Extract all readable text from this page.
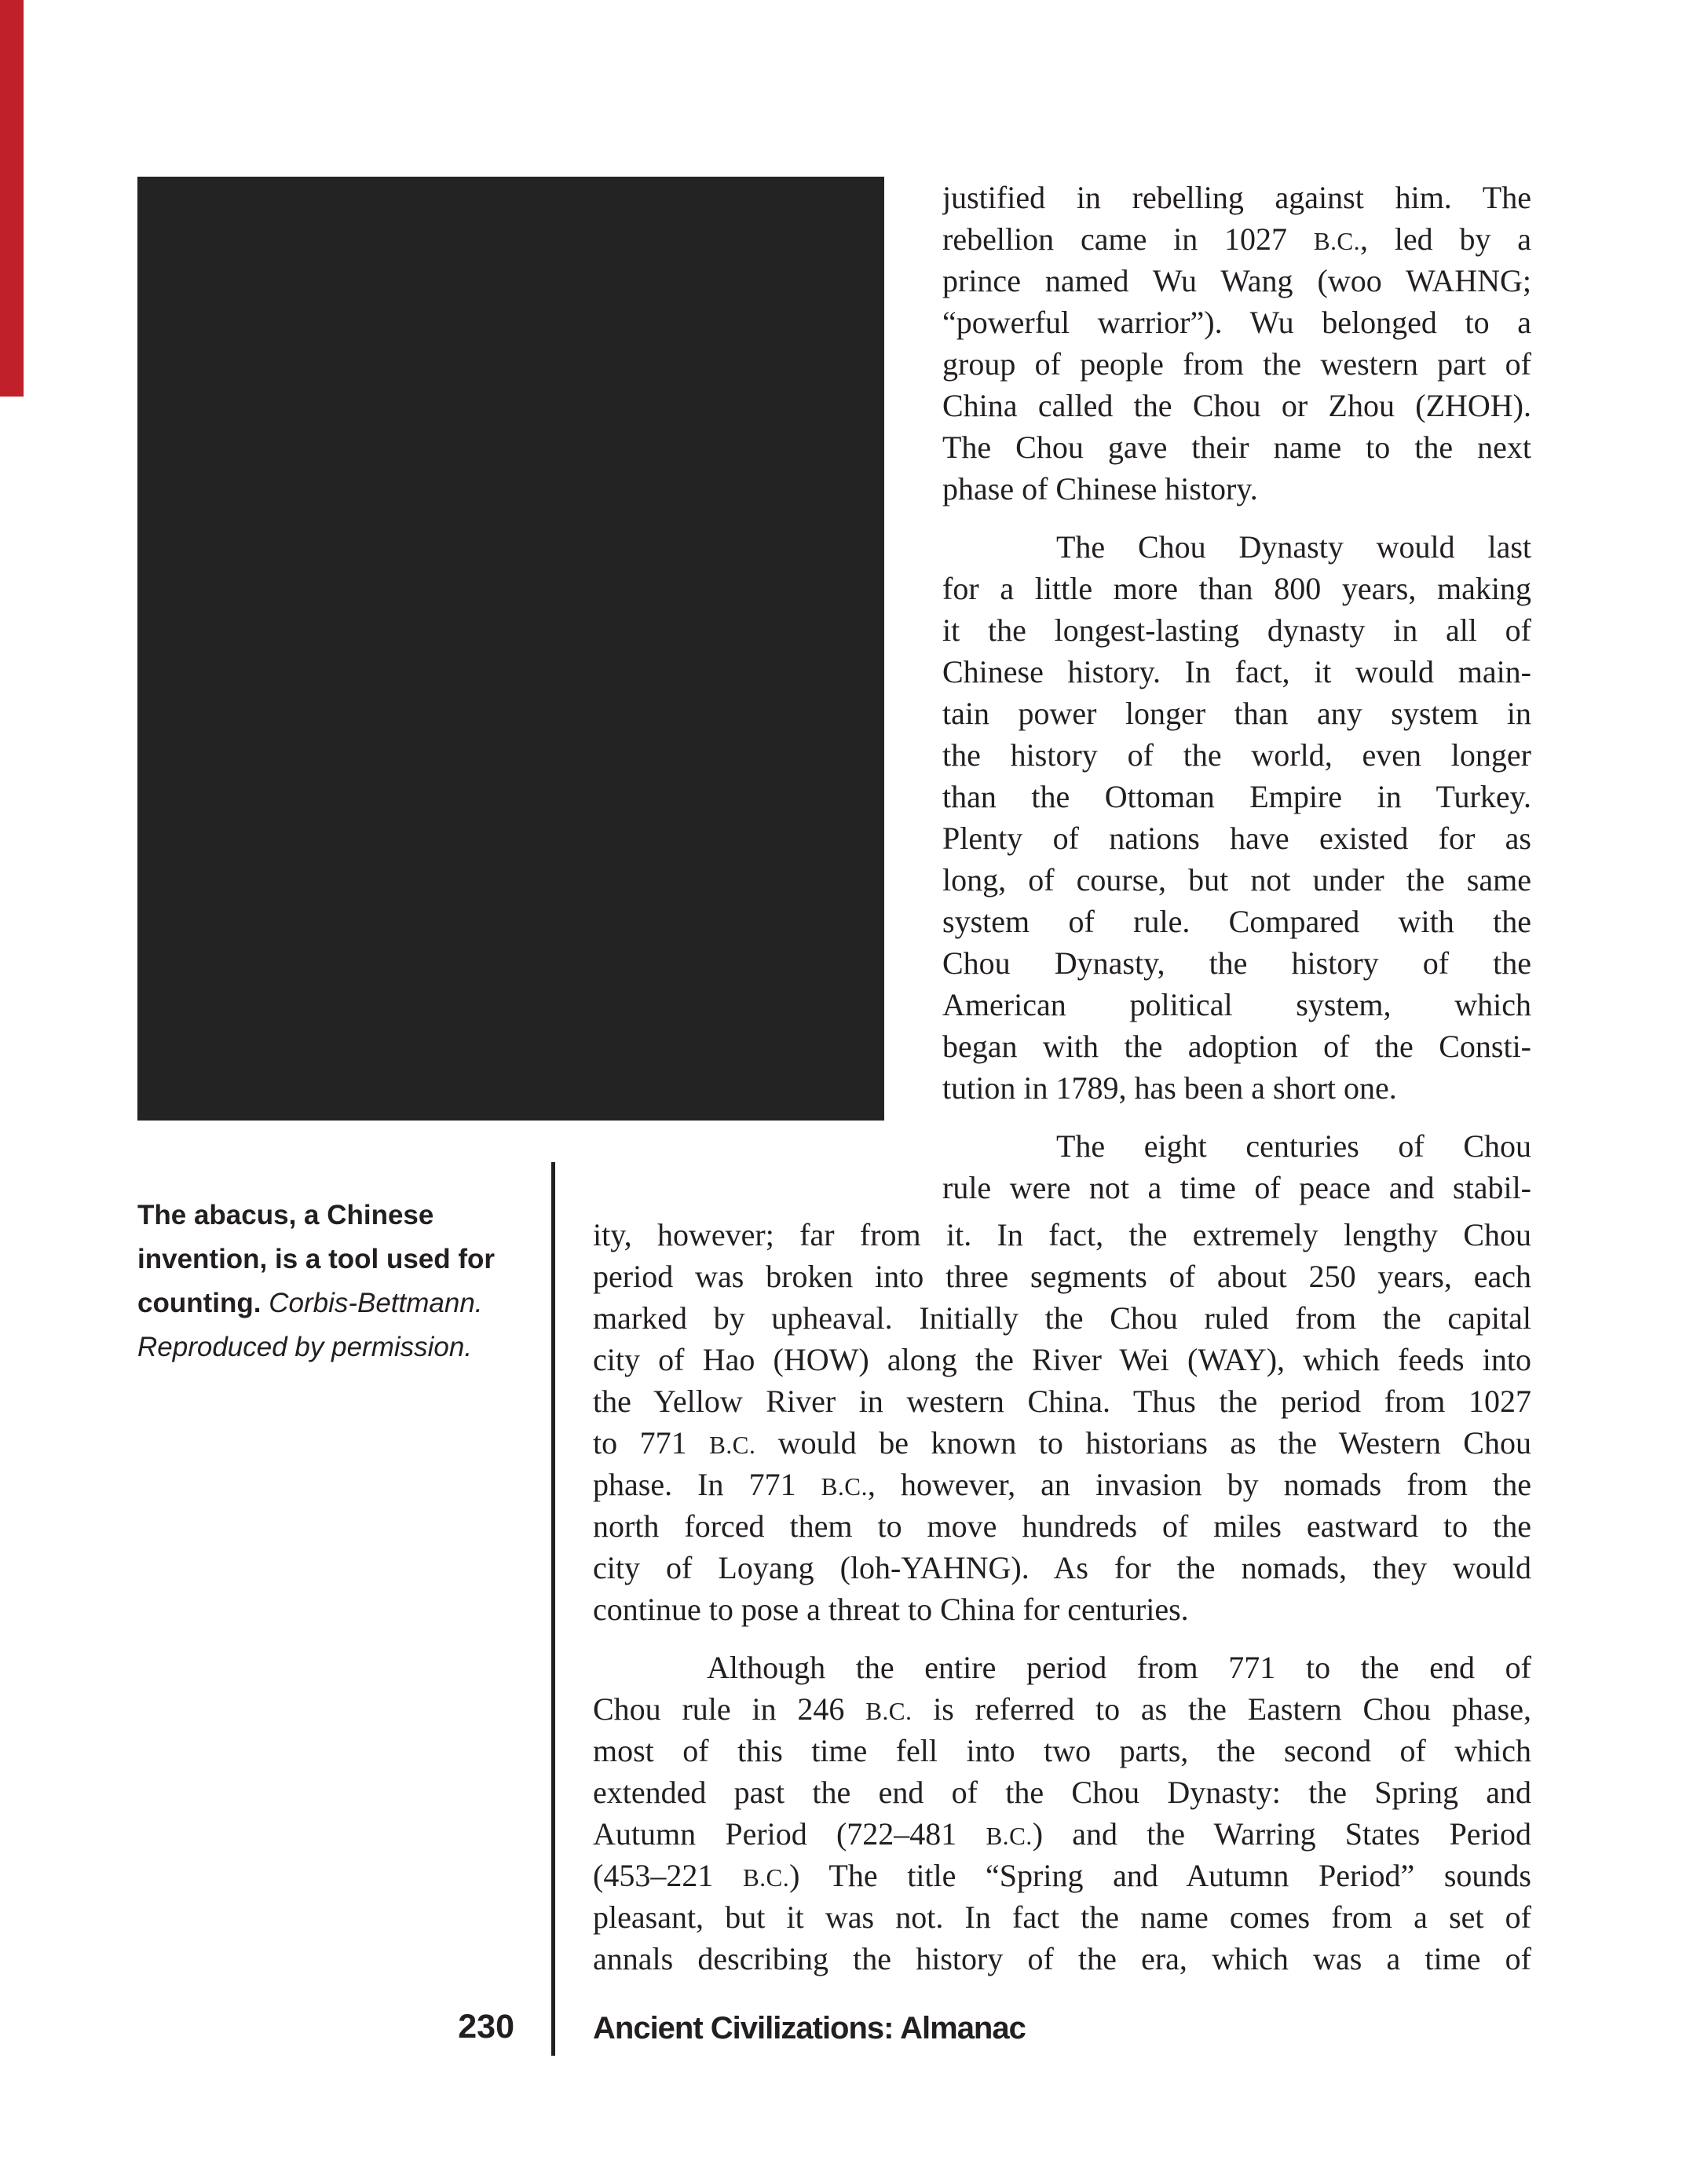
justified in rebelling against him. The
rebellion came in 1027 B.C., led by a
prince named Wu Wang (woo WAHNG;
“powerful warrior”). Wu belonged to a
group of people from the western part of
China called the Chou or Zhou (ZHOH).
The Chou gave their name to the next
phase of Chinese history.
The Chou Dynasty would last
for a little more than 800 years, making
it the longest-lasting dynasty in all of
Chinese history. In fact, it would main-
tain power longer than any system in
the history of the world, even longer
than the Ottoman Empire in Turkey.
Plenty of nations have existed for as
long, of course, but not under the same
system of rule. Compared with the
Chou Dynasty, the history of the
American political system, which
began with the adoption of the Consti-
tution in 1789, has been a short one.
The eight centuries of Chou
rule were not a time of peace and stabil-
ity, however; far from it. In fact, the extremely lengthy Chou
period was broken into three segments of about 250 years, each
marked by upheaval. Initially the Chou ruled from the capital
city of Hao (HOW) along the River Wei (WAY), which feeds into
the Yellow River in western China. Thus the period from 1027
to 771 B.C. would be known to historians as the Western Chou
phase. In 771 B.C., however, an invasion by nomads from the
north forced them to move hundreds of miles eastward to the
city of Loyang (loh-YAHNG). As for the nomads, they would
continue to pose a threat to China for centuries.
Although the entire period from 771 to the end of
Chou rule in 246 B.C. is referred to as the Eastern Chou phase,
most of this time fell into two parts, the second of which
extended past the end of the Chou Dynasty: the Spring and
Autumn Period (722–481 B.C.) and the Warring States Period
(453–221 B.C.) The title “Spring and Autumn Period” sounds
pleasant, but it was not. In fact the name comes from a set of
annals describing the history of the era, which was a time of
The abacus, a Chinese
invention, is a tool used for
counting. Corbis-Bettmann.
Reproduced by permission.
230	Ancient Civilizations: Almanac
